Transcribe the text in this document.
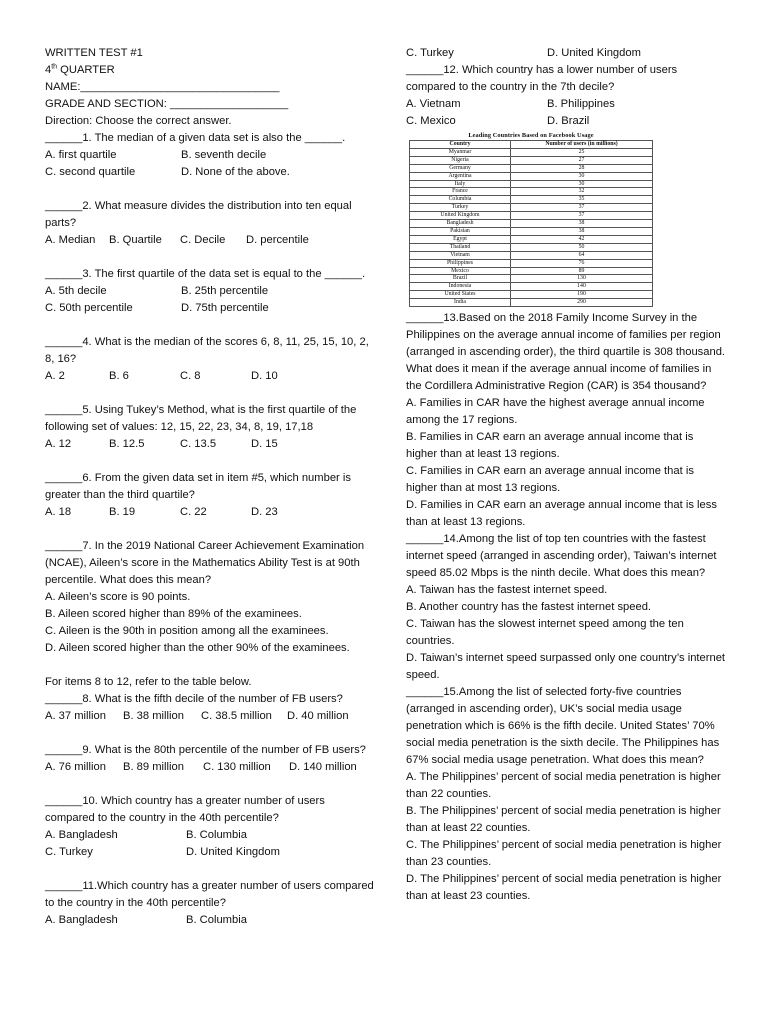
WRITTEN TEST #1
4th QUARTER
NAME:________________________________
GRADE AND SECTION: ___________________
Direction: Choose the correct answer.
______1. The median of a given data set is also the ______.
A. first quartile	B. seventh decile
C. second quartile	D. None of the above.
______2. What measure divides the distribution into ten equal parts?
A. Median	B. Quartile	C. Decile	D. percentile
______3. The first quartile of the data set is equal to the ______.
A. 5th decile	B. 25th percentile
C. 50th percentile	D. 75th percentile
______4. What is the median of the scores 6, 8, 11, 25, 15, 10, 2, 8, 16?
A. 2	B. 6	C. 8	D. 10
______5. Using Tukey’s Method, what is the first quartile of the following set of values: 12, 15, 22, 23, 34, 8, 19, 17,18
A. 12	B. 12.5	C. 13.5	D. 15
______6. From the given data set in item #5, which number is greater than the third quartile?
A. 18	B. 19	C. 22	D. 23
______7. In the 2019 National Career Achievement Examination (NCAE), Aileen’s score in the Mathematics Ability Test is at 90th percentile. What does this mean?
A. Aileen’s score is 90 points.
B. Aileen scored higher than 89% of the examinees.
C. Aileen is the 90th in position among all the examinees.
D. Aileen scored higher than the other 90% of the examinees.
For items 8 to 12, refer to the table below.
______8. What is the fifth decile of the number of FB users?
A. 37 million	B. 38 million	C. 38.5 million	D. 40 million
______9. What is the 80th percentile of the number of FB users?
A. 76 million	B. 89 million	C. 130 million	D. 140 million
______10. Which country has a greater number of users compared to the country in the 40th percentile?
A. Bangladesh	B. Columbia
C. Turkey	D. United Kingdom
______11.Which country has a greater number of users compared to the country in the 40th percentile?
A. Bangladesh	B. Columbia
C. Turkey	D. United Kingdom
______12. Which country has a lower number of users compared to the country in the 7th decile?
A. Vietnam	B. Philippines
C. Mexico	D. Brazil
Leading Countries Based on Facebook Usage
Country	Number of users (in millions)
Myanmar	25
Nigeria	27
Germany	28
Argentina	30
Italy	30
France	32
Columbia	35
Turkey	37
United Kingdom	37
Bangladesh	38
Pakistan	38
Egypt	42
Thailand	50
Vietnam	64
Philippines	76
Mexico	89
Brazil	130
Indonesia	140
United States	190
India	290
______13.Based on the 2018 Family Income Survey in the Philippines on the average annual income of families per region (arranged in ascending order), the third quartile is 308 thousand. What does it mean if the average annual income of families in the Cordillera Administrative Region (CAR) is 354 thousand?
A. Families in CAR have the highest average annual income among the 17 regions.
B. Families in CAR earn an average annual income that is higher than at least 13 regions.
C. Families in CAR earn an average annual income that is higher than at most 13 regions.
D. Families in CAR earn an average annual income that is less than at least 13 regions.
______14.Among the list of top ten countries with the fastest internet speed (arranged in ascending order), Taiwan’s internet speed 85.02 Mbps is the ninth decile. What does this mean?
A. Taiwan has the fastest internet speed.
B. Another country has the fastest internet speed.
C. Taiwan has the slowest internet speed among the ten countries.
D. Taiwan’s internet speed surpassed only one country’s internet speed.
______15.Among the list of selected forty-five countries (arranged in ascending order), UK’s social media usage penetration which is 66% is the fifth decile. United States’ 70% social media penetration is the sixth decile. The Philippines has 67% social media usage penetration. What does this mean?
A. The Philippines’ percent of social media penetration is higher than 22 counties.
B. The Philippines’ percent of social media penetration is higher than at least 22 counties.
C. The Philippines’ percent of social media penetration is higher than 23 counties.
D. The Philippines’ percent of social media penetration is higher than at least 23 counties.
